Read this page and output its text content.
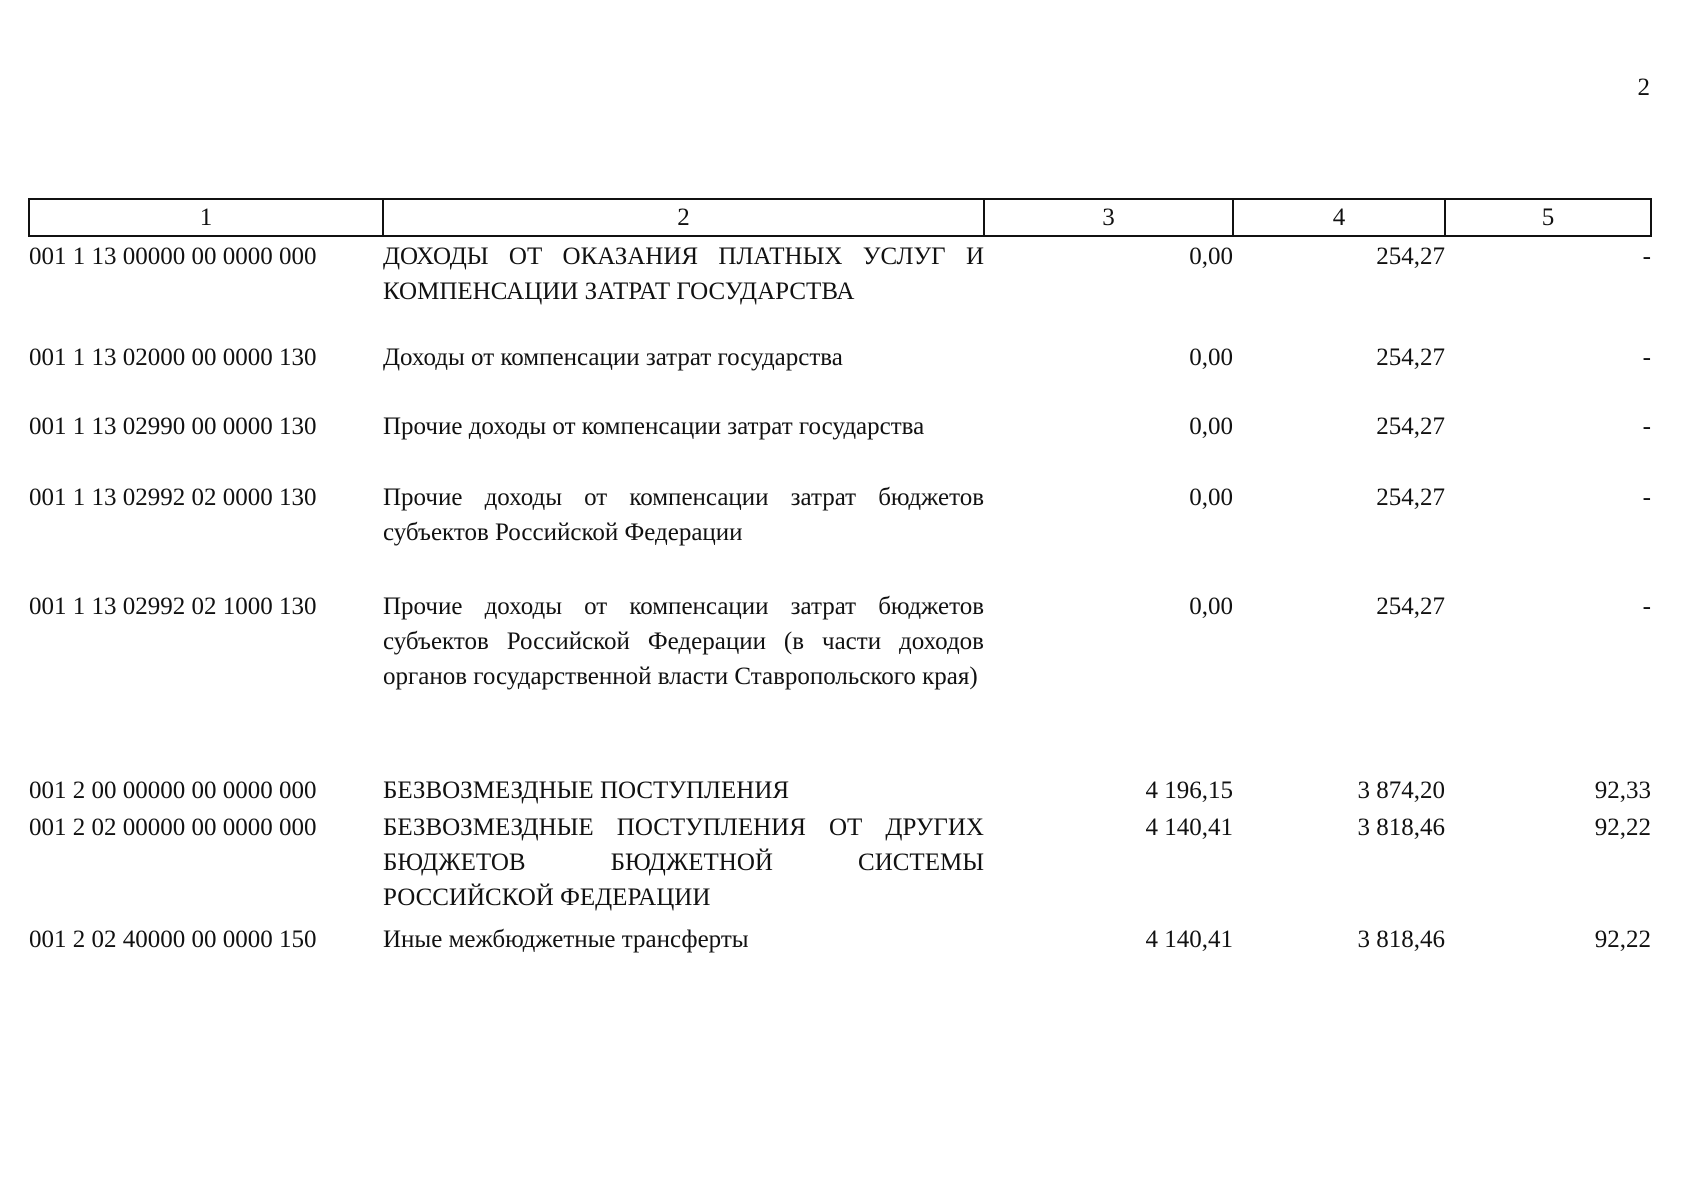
2
1	2	3	4	5
001 1 13 00000 00 0000 000	ДОХОДЫ ОТ ОКАЗАНИЯ ПЛАТНЫХ УСЛУГ И КОМПЕНСАЦИИ ЗАТРАТ ГОСУДАРСТВА	0,00	254,27	-
001 1 13 02000 00 0000 130	Доходы от компенсации затрат государства	0,00	254,27	-
001 1 13 02990 00 0000 130	Прочие доходы от компенсации затрат государства	0,00	254,27	-
001 1 13 02992 02 0000 130	Прочие доходы от компенсации затрат бюджетов субъектов Российской Федерации	0,00	254,27	-
001 1 13 02992 02 1000 130	Прочие доходы от компенсации затрат бюджетов субъектов Российской Федерации (в части доходов органов государственной власти Ставропольского края)	0,00	254,27	-
001 2 00 00000 00 0000 000	БЕЗВОЗМЕЗДНЫЕ ПОСТУПЛЕНИЯ	4 196,15	3 874,20	92,33
001 2 02 00000 00 0000 000	БЕЗВОЗМЕЗДНЫЕ ПОСТУПЛЕНИЯ ОТ ДРУГИХ БЮДЖЕТОВ БЮДЖЕТНОЙ СИСТЕМЫ РОССИЙСКОЙ ФЕДЕРАЦИИ	4 140,41	3 818,46	92,22
001 2 02 40000 00 0000 150	Иные межбюджетные трансферты	4 140,41	3 818,46	92,22
